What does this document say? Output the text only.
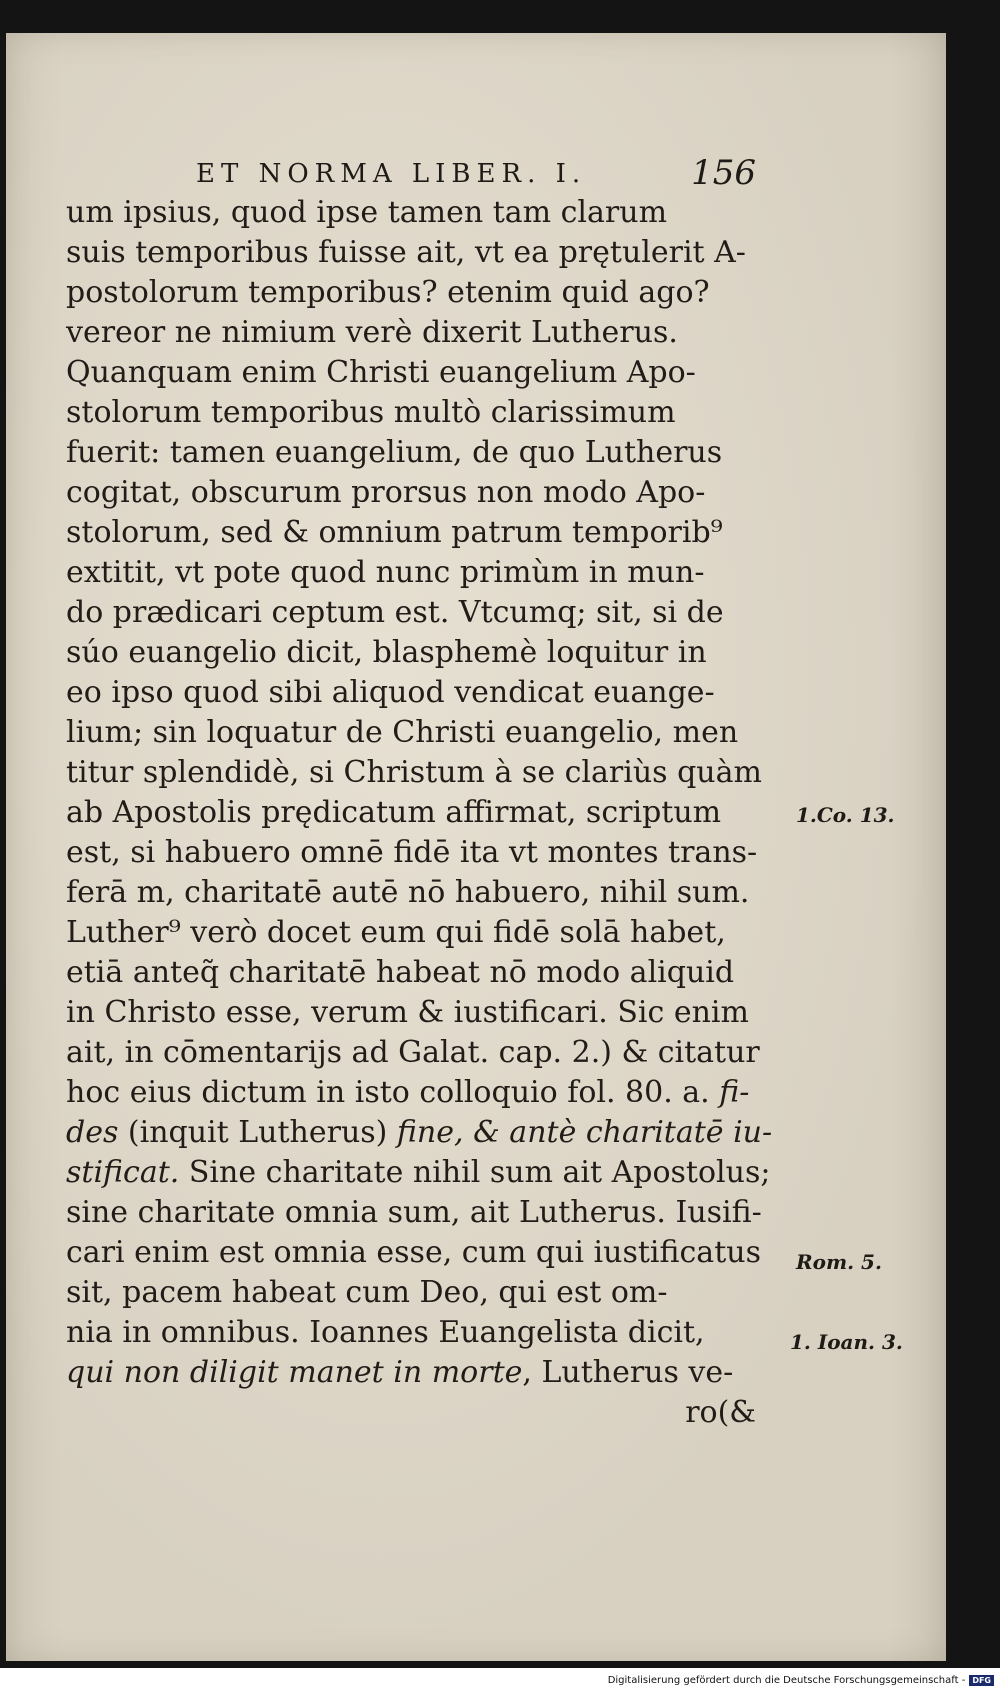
ET NORMA LIBER. I.	156
um ipsius, quod ipse tamen tam clarum
suis temporibus fuisse ait, vt ea prętulerit A-
postolorum temporibus? etenim quid ago?
vereor ne nimium verè dixerit Lutherus.
Quanquam enim Christi euangelium Apo-
stolorum temporibus multò clarissimum
fuerit: tamen euangelium, de quo Lutherus
cogitat, obscurum prorsus non modo Apo-
stolorum, sed & omnium patrum temporib⁹
extitit, vt pote quod nunc primùm in mun-
do prædicari ceptum est. Vtcumq; sit, si de
súo euangelio dicit, blasphemè loquitur in
eo ipso quod sibi aliquod vendicat euange-
lium; sin loquatur de Christi euangelio, men
titur splendidè, si Christum à se clariùs quàm
ab Apostolis prędicatum affirmat, scriptum
est, si habuero omnē fidē ita vt montes trans-
ferā m, charitatē autē nō habuero, nihil sum.
Luther⁹ verò docet eum qui fidē solā habet,
etiā anteq̃ charitatē habeat nō modo aliquid
in Christo esse, verum & iustificari. Sic enim
ait, in cōmentarijs ad Galat. cap. 2.) & citatur
hoc eius dictum in isto colloquio fol. 80. a. fi-
des (inquit Lutherus) fine, & antè charitatē iu-
stificat. Sine charitate nihil sum ait Apostolus;
sine charitate omnia sum, ait Lutherus. Iusifi-
cari enim est omnia esse, cum qui iustificatus
sit, pacem habeat cum Deo, qui est om-
nia in omnibus. Ioannes Euangelista dicit,
qui non diligit manet in morte, Lutherus ve-
ro(&
1.Co. 13.
Rom. 5.
1. Ioan. 3.
Digitalisierung gefördert durch die Deutsche Forschungsgemeinschaft - DFG
